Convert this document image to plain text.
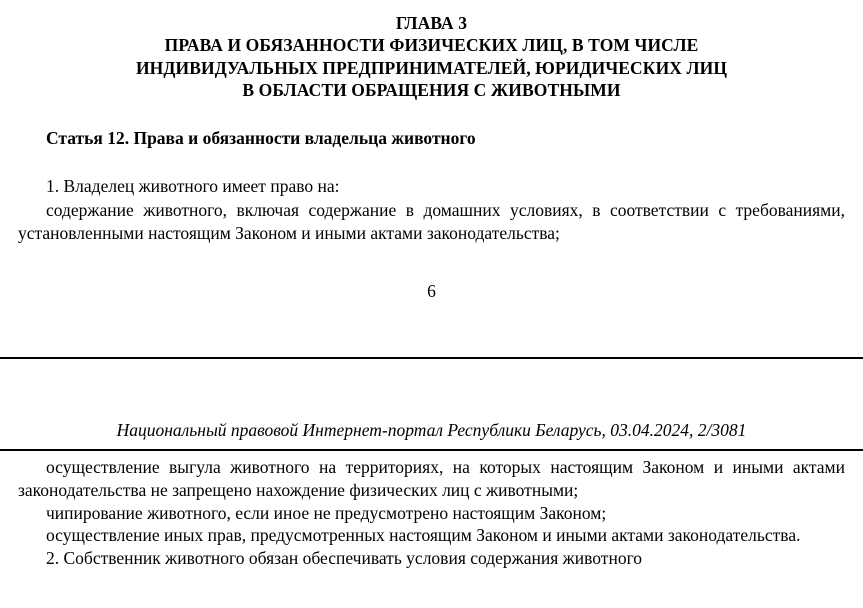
ГЛАВА 3
ПРАВА И ОБЯЗАННОСТИ ФИЗИЧЕСКИХ ЛИЦ, В ТОМ ЧИСЛЕ
ИНДИВИДУАЛЬНЫХ ПРЕДПРИНИМАТЕЛЕЙ, ЮРИДИЧЕСКИХ ЛИЦ
В ОБЛАСТИ ОБРАЩЕНИЯ С ЖИВОТНЫМИ
Статья 12. Права и обязанности владельца животного

1. Владелец животного имеет право на:

содержание животного, включая содержание в домашних условиях, в соответствии с требованиями, установленными настоящим Законом и иными актами законодательства;

6
Национальный правовой Интернет-портал Республики Беларусь, 03.04.2024, 2/3081

осуществление выгула животного на территориях, на которых настоящим Законом и иными актами законодательства не запрещено нахождение физических лиц с животными;

чипирование животного, если иное не предусмотрено настоящим Законом;

осуществление иных прав, предусмотренных настоящим Законом и иными актами законодательства.

2. Собственник животного обязан обеспечивать условия содержания животного
